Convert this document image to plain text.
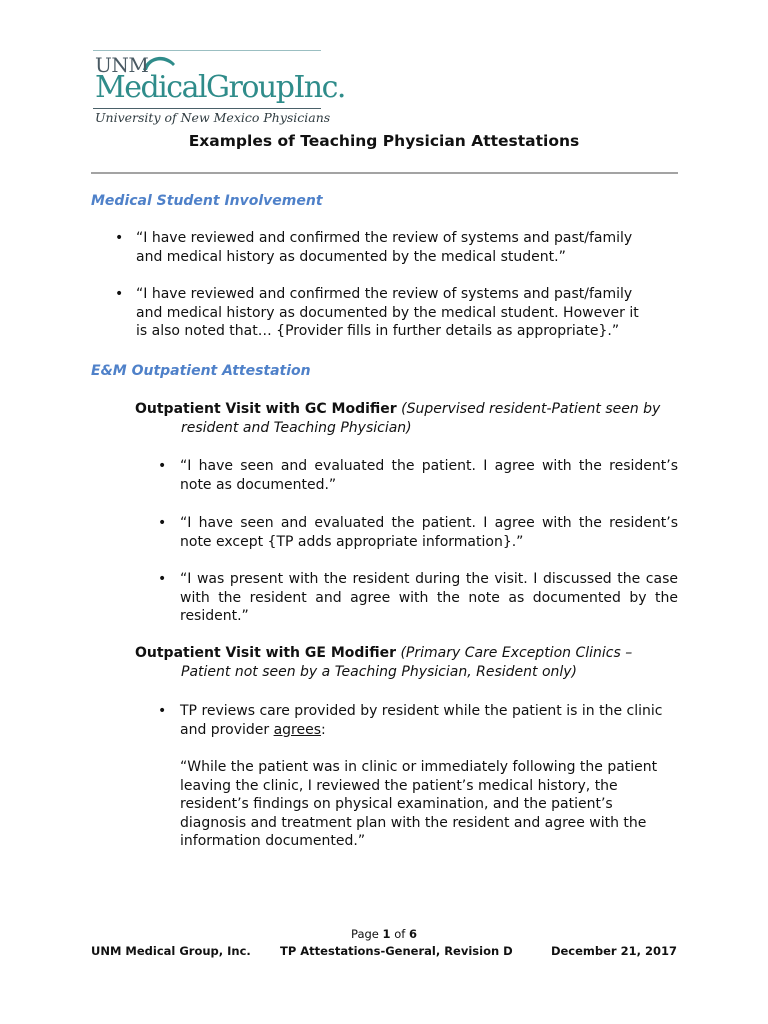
UNM
MedicalGroupInc.
University of New Mexico Physicians
Examples of Teaching Physician Attestations
Medical Student Involvement
• “I have reviewed and confirmed the review of systems and past/family and medical history as documented by the medical student.”
• “I have reviewed and confirmed the review of systems and past/family and medical history as documented by the medical student. However it is also noted that… {Provider fills in further details as appropriate}.”
E&M Outpatient Attestation
Outpatient Visit with GC Modifier (Supervised resident-Patient seen by
resident and Teaching Physician)
• “I have seen and evaluated the patient. I agree with the resident’s note as documented.”
• “I have seen and evaluated the patient. I agree with the resident’s note except {TP adds appropriate information}.”
• “I was present with the resident during the visit. I discussed the case with the resident and agree with the note as documented by the resident.”
Outpatient Visit with GE Modifier (Primary Care Exception Clinics –
Patient not seen by a Teaching Physician, Resident only)
• TP reviews care provided by resident while the patient is in the clinic and provider agrees:
“While the patient was in clinic or immediately following the patient leaving the clinic, I reviewed the patient’s medical history, the resident’s findings on physical examination, and the patient’s diagnosis and treatment plan with the resident and agree with the information documented.”
Page 1 of 6
UNM Medical Group, Inc.	TP Attestations-General, Revision D	December 21, 2017
